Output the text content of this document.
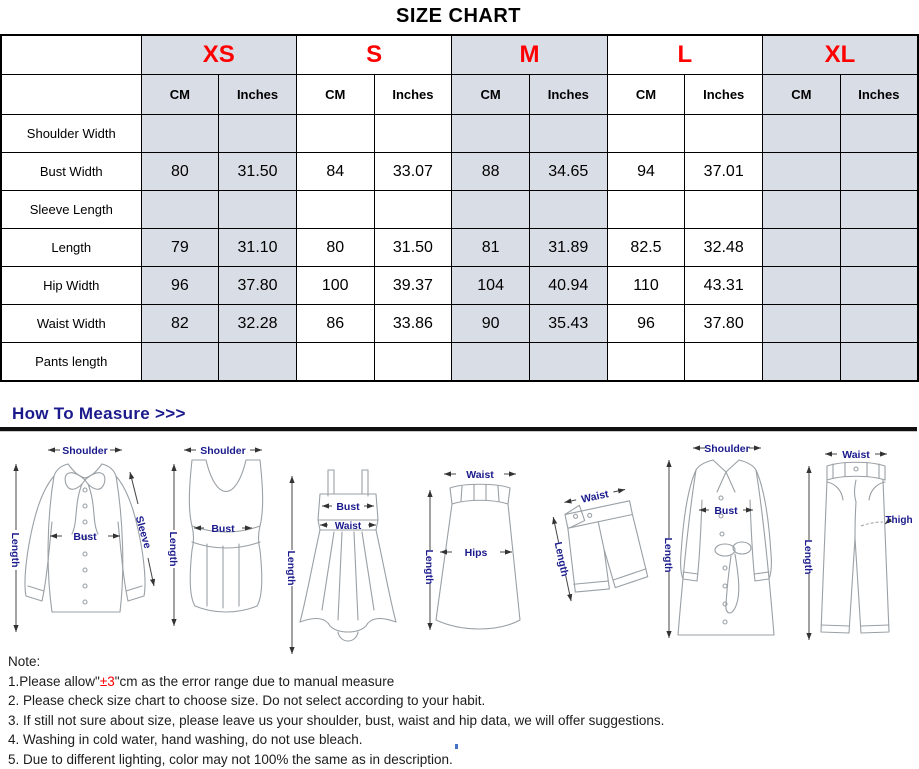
SIZE CHART
	XS		S		M		L		XL	
	CM	Inches	CM	Inches	CM	Inches	CM	Inches	CM	Inches
Shoulder Width										
Bust Width	80	31.50	84	33.07	88	34.65	94	37.01		
Sleeve Length										
Length	79	31.10	80	31.50	81	31.89	82.5	32.48		
Hip Width	96	37.80	100	39.37	104	40.94	110	43.31		
Waist Width	82	32.28	86	33.86	90	35.43	96	37.80		
Pants length										
How To Measure >>>
Shoulder
Length	Bust	Sleeve
Shoulder
Length
Bust
Length
Bust
Waist
Waist
Length	Hips
Waist
Length
Shoulder
Length
Bust
Waist
Length
Thigh
Note:
1.Please allow"±3"cm as the error range due to manual measure
2. Please check size chart to choose size. Do not select according to your habit.
3. If still not sure about size, please leave us your shoulder, bust, waist and hip data, we will offer suggestions.
4. Washing in cold water, hand washing, do not use bleach.
5. Due to different lighting, color may not 100% the same as in description.
